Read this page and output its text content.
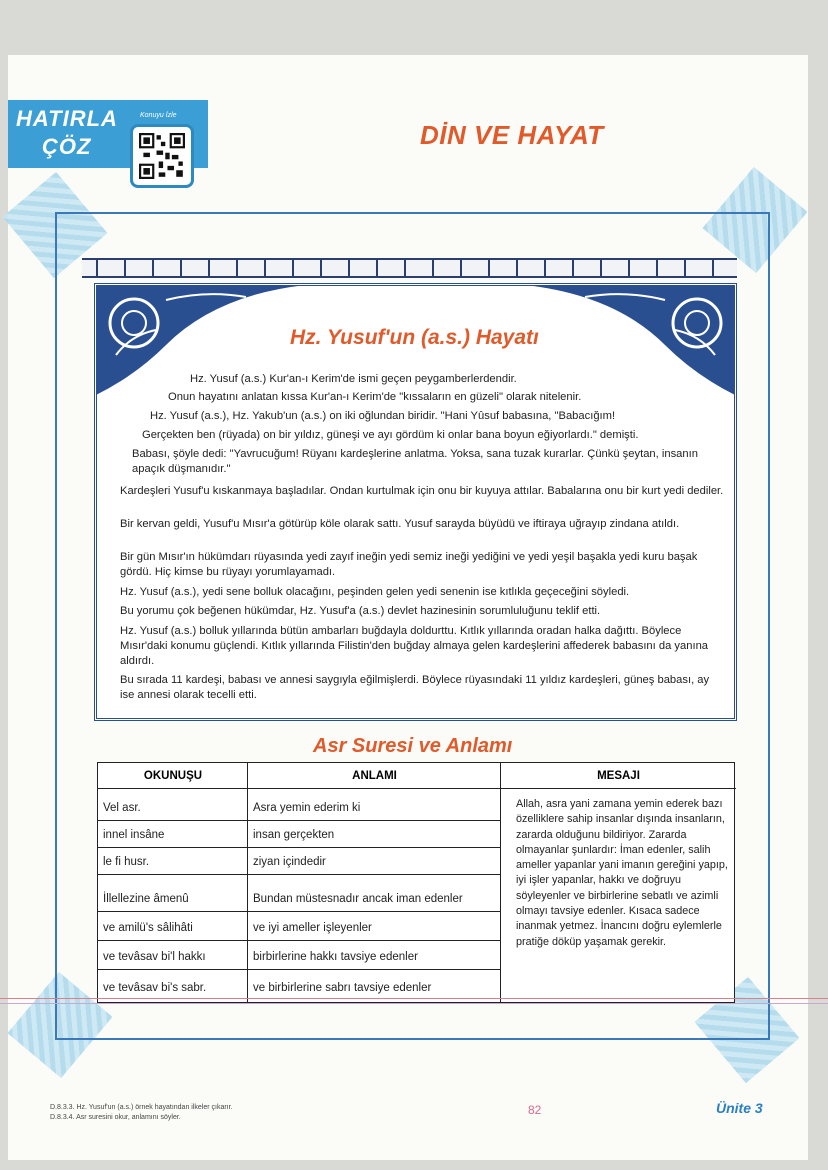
HATIRLA
ÇÖZ
Konuyu İzle
DİN VE HAYAT
Hz. Yusuf'un (a.s.) Hayatı
Hz. Yusuf (a.s.) Kur'an-ı Kerim'de ismi geçen peygamberlerdendir.
Onun hayatını anlatan kıssa Kur'an-ı Kerim'de "kıssaların en güzeli" olarak nitelenir.
Hz. Yusuf (a.s.), Hz. Yakub'un (a.s.) on iki oğlundan biridir. "Hani Yûsuf babasına, "Babacığım!
Gerçekten ben (rüyada) on bir yıldız, güneşi ve ayı gördüm ki onlar bana boyun eğiyorlardı." demişti.
Babası, şöyle dedi: "Yavrucuğum! Rüyanı kardeşlerine anlatma. Yoksa, sana tuzak kurarlar. Çünkü şeytan, insanın apaçık düşmanıdır."
Kardeşleri Yusuf'u kıskanmaya başladılar. Ondan kurtulmak için onu bir kuyuya attılar. Babalarına onu bir kurt yedi dediler.
Bir kervan geldi, Yusuf'u Mısır'a götürüp köle olarak sattı. Yusuf sarayda büyüdü ve iftiraya uğrayıp zindana atıldı.
Bir gün Mısır'ın hükümdarı rüyasında yedi zayıf ineğin yedi semiz ineği yediğini ve yedi yeşil başakla yedi kuru başak gördü. Hiç kimse bu rüyayı yorumlayamadı.
Hz. Yusuf (a.s.), yedi sene bolluk olacağını, peşinden gelen yedi senenin ise kıtlıkla geçeceğini söyledi.
Bu yorumu çok beğenen hükümdar, Hz. Yusuf'a (a.s.) devlet hazinesinin sorumluluğunu teklif etti.
Hz. Yusuf (a.s.) bolluk yıllarında bütün ambarları buğdayla doldurttu. Kıtlık yıllarında oradan halka dağıttı. Böylece Mısır'daki konumu güçlendi. Kıtlık yıllarında Filistin'den buğday almaya gelen kardeşlerini affederek babasını da yanına aldırdı.
Bu sırada 11 kardeşi, babası ve annesi saygıyla eğilmişlerdi. Böylece rüyasındaki 11 yıldız kardeşleri, güneş babası, ay ise annesi olarak tecelli etti.
Asr Suresi ve Anlamı
OKUNUŞU	ANLAMI	MESAJI
Vel asr.	Asra yemin ederim ki
innel insâne	insan gerçekten
le fi husr.	ziyan içindedir
İllellezine âmenû	Bundan müstesnadır ancak iman edenler
ve amilü's sâlihâti	ve iyi ameller işleyenler
ve tevâsav bi'l hakkı	birbirlerine hakkı tavsiye edenler
ve tevâsav bi's sabr.	ve birbirlerine sabrı tavsiye edenler
Allah, asra yani zamana yemin ederek bazı özelliklere sahip insanlar dışında insanların, zararda olduğunu bildiriyor. Zararda olmayanlar şunlardır: İman edenler, salih ameller yapanlar yani imanın gereğini yapıp, iyi işler yapanlar, hakkı ve doğruyu söyleyenler ve birbirlerine sebatlı ve azimli olmayı tavsiye edenler. Kısaca sadece inanmak yetmez. İnancını doğru eylemlerle pratiğe döküp yaşamak gerekir.
D.8.3.3. Hz. Yusuf'un (a.s.) örnek hayatından ilkeler çıkarır.
D.8.3.4. Asr suresini okur, anlamını söyler.
82	Ünite 3
